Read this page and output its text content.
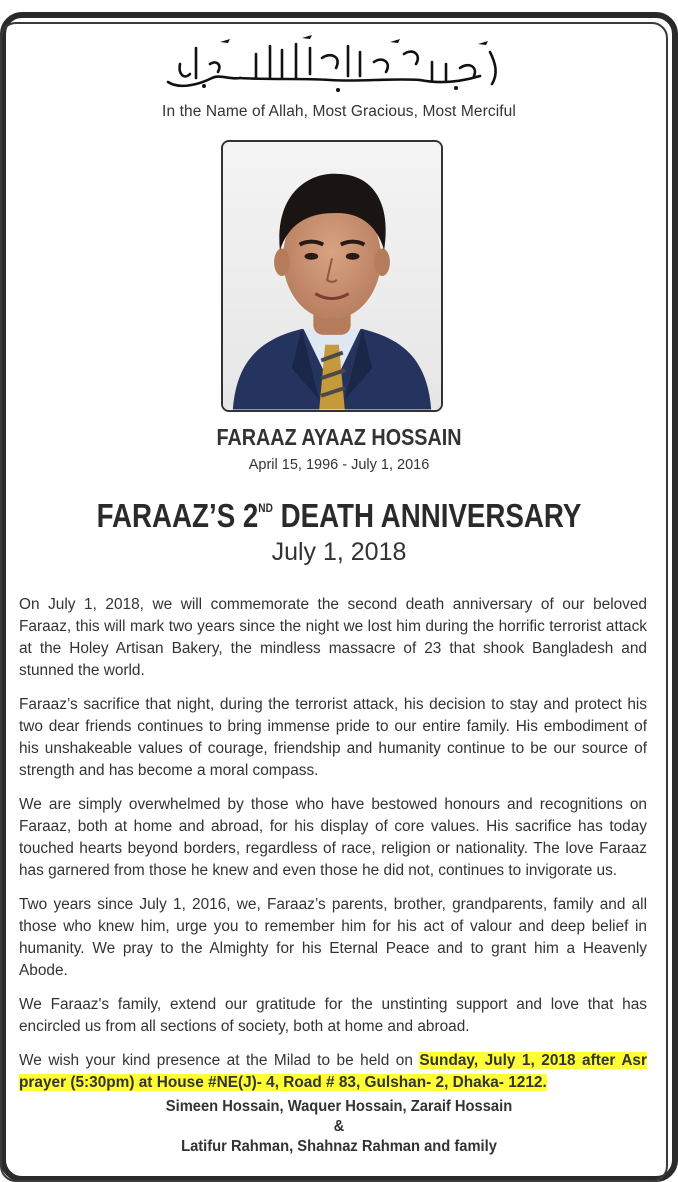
In the Name of Allah, Most Gracious, Most Merciful
FARAAZ AYAAZ HOSSAIN
April 15, 1996 - July 1, 2016
FARAAZ’S 2ND DEATH ANNIVERSARY
July 1, 2018

On July 1, 2018, we will commemorate the second death anniversary of our beloved Faraaz, this will mark two years since the night we lost him during the horrific terrorist attack at the Holey Artisan Bakery, the mindless massacre of 23 that shook Bangladesh and stunned the world.

Faraaz’s sacrifice that night, during the terrorist attack, his decision to stay and protect his two dear friends continues to bring immense pride to our entire family. His embodiment of his unshakeable values of courage, friendship and humanity continue to be our source of strength and has become a moral compass.

We are simply overwhelmed by those who have bestowed honours and recognitions on Faraaz, both at home and abroad, for his display of core values. His sacrifice has today touched hearts beyond borders, regardless of race, religion or nationality. The love Faraaz has garnered from those he knew and even those he did not, continues to invigorate us.

Two years since July 1, 2016, we, Faraaz’s parents, brother, grandparents, family and all those who knew him, urge you to remember him for his act of valour and deep belief in humanity. We pray to the Almighty for his Eternal Peace and to grant him a Heavenly Abode.

We Faraaz's family, extend our gratitude for the unstinting support and love that has encircled us from all sections of society, both at home and abroad.

We wish your kind presence at the Milad to be held on Sunday, July 1, 2018 after Asr prayer (5:30pm) at House #NE(J)- 4, Road # 83, Gulshan- 2, Dhaka- 1212.

Simeen Hossain, Waquer Hossain, Zaraif Hossain
&
Latifur Rahman, Shahnaz Rahman and family
